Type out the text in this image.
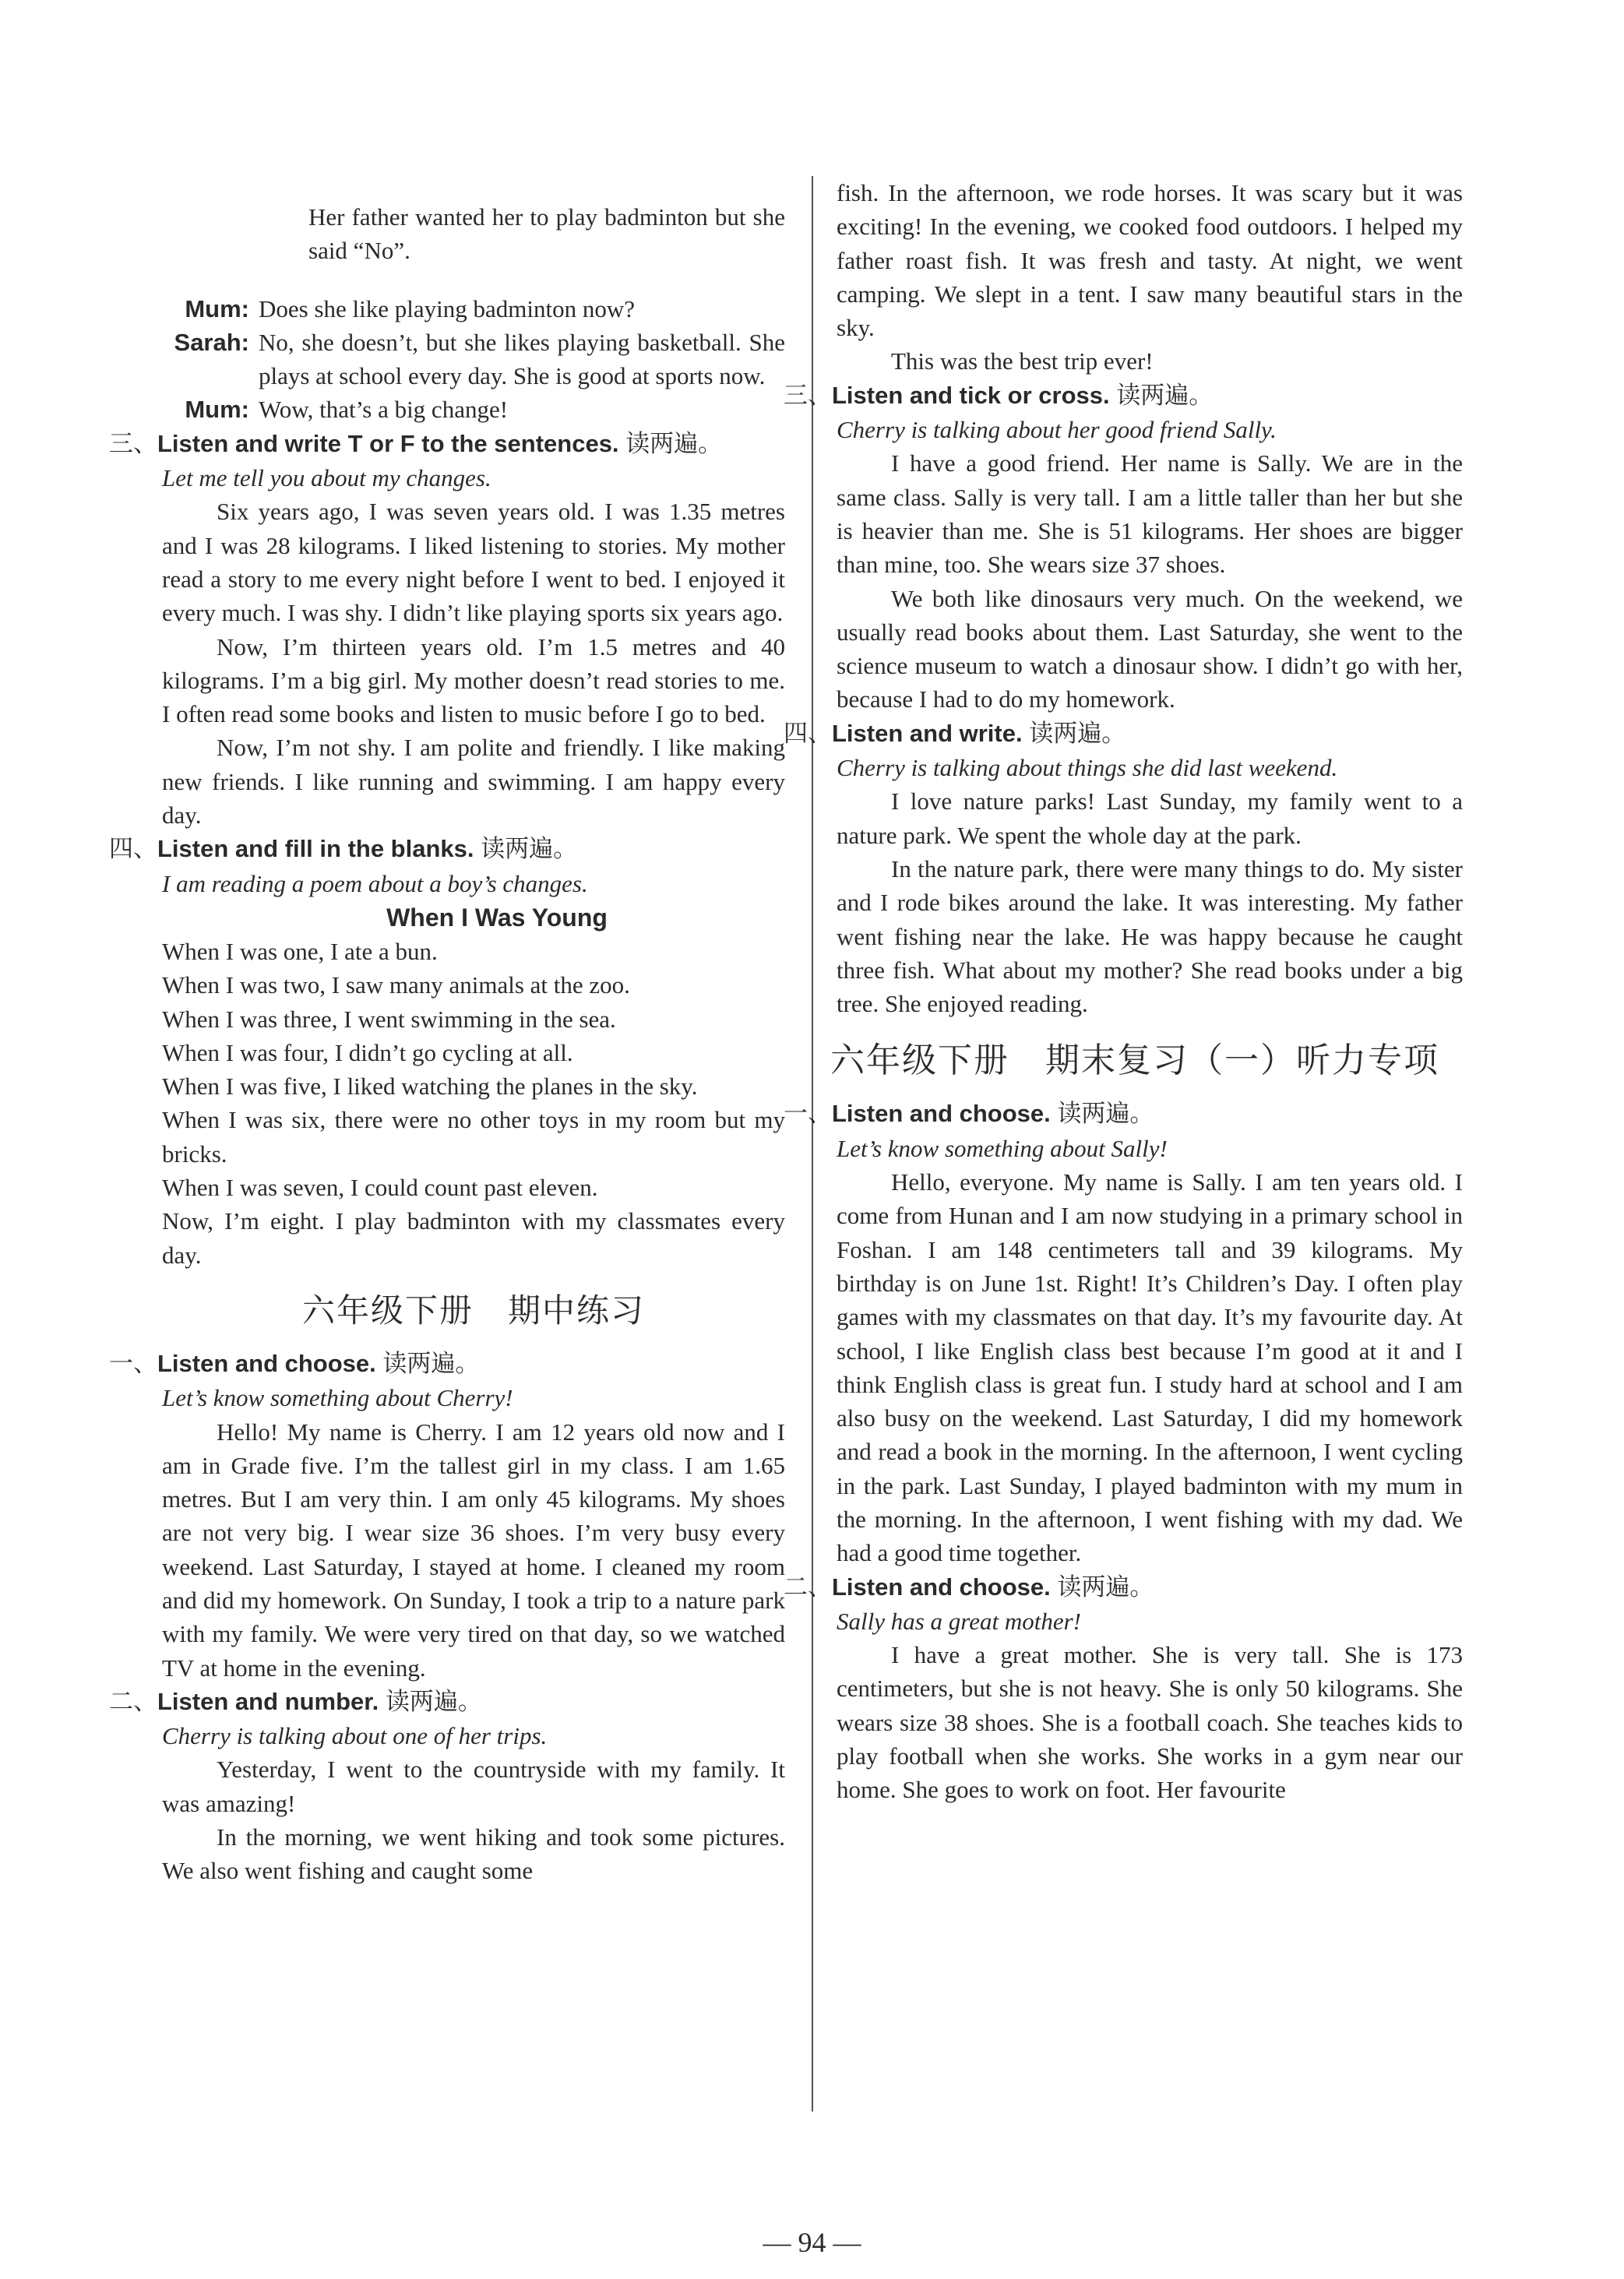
Her father wanted her to play badminton but she said “No”.

Mum: Does she like playing badminton now?
Sarah: No, she doesn’t, but she likes playing basketball. She plays at school every day. She is good at sports now.
Mum: Wow, that’s a big change!

三、Listen and write T or F to the sentences. 读两遍。

Let me tell you about my changes.

Six years ago, I was seven years old. I was 1.35 metres and I was 28 kilograms. I liked listening to stories. My mother read a story to me every night before I went to bed. I enjoyed it every much. I was shy. I didn’t like playing sports six years ago.

Now, I’m thirteen years old. I’m 1.5 metres and 40 kilograms. I’m a big girl. My mother doesn’t read stories to me. I often read some books and listen to music before I go to bed.

Now, I’m not shy. I am polite and friendly. I like making new friends. I like running and swimming. I am happy every day.

四、Listen and fill in the blanks. 读两遍。

I am reading a poem about a boy’s changes.

When I Was Young

When I was one, I ate a bun.

When I was two, I saw many animals at the zoo.

When I was three, I went swimming in the sea.

When I was four, I didn’t go cycling at all.

When I was five, I liked watching the planes in the sky.

When I was six, there were no other toys in my room but my bricks.

When I was seven, I could count past eleven.

Now, I’m eight. I play badminton with my classmates every day.

六年级下册　期中练习

一、Listen and choose. 读两遍。

Let’s know something about Cherry!

Hello! My name is Cherry. I am 12 years old now and I am in Grade five. I’m the tallest girl in my class. I am 1.65 metres. But I am very thin. I am only 45 kilograms. My shoes are not very big. I wear size 36 shoes. I’m very busy every weekend. Last Saturday, I stayed at home. I cleaned my room and did my homework. On Sunday, I took a trip to a nature park with my family. We were very tired on that day, so we watched TV at home in the evening.

二、Listen and number. 读两遍。

Cherry is talking about one of her trips.

Yesterday, I went to the countryside with my family. It was amazing!

In the morning, we went hiking and took some pictures. We also went fishing and caught some

fish. In the afternoon, we rode horses. It was scary but it was exciting! In the evening, we cooked food outdoors. I helped my father roast fish. It was fresh and tasty. At night, we went camping. We slept in a tent. I saw many beautiful stars in the sky.

This was the best trip ever!

三、Listen and tick or cross. 读两遍。

Cherry is talking about her good friend Sally.

I have a good friend. Her name is Sally. We are in the same class. Sally is very tall. I am a little taller than her but she is heavier than me. She is 51 kilograms. Her shoes are bigger than mine, too. She wears size 37 shoes.

We both like dinosaurs very much. On the weekend, we usually read books about them. Last Saturday, she went to the science museum to watch a dinosaur show. I didn’t go with her, because I had to do my homework.

四、Listen and write. 读两遍。

Cherry is talking about things she did last weekend.

I love nature parks! Last Sunday, my family went to a nature park. We spent the whole day at the park.

In the nature park, there were many things to do. My sister and I rode bikes around the lake. It was interesting. My father went fishing near the lake. He was happy because he caught three fish. What about my mother? She read books under a big tree. She enjoyed reading.

六年级下册　期末复习（一）听力专项

一、Listen and choose. 读两遍。

Let’s know something about Sally!

Hello, everyone. My name is Sally. I am ten years old. I come from Hunan and I am now studying in a primary school in Foshan. I am 148 centimeters tall and 39 kilograms. My birthday is on June 1st. Right! It’s Children’s Day. I often play games with my classmates on that day. It’s my favourite day. At school, I like English class best because I’m good at it and I think English class is great fun. I study hard at school and I am also busy on the weekend. Last Saturday, I did my homework and read a book in the morning. In the afternoon, I went cycling in the park. Last Sunday, I played badminton with my mum in the morning. In the afternoon, I went fishing with my dad. We had a good time together.

二、Listen and choose. 读两遍。

Sally has a great mother!

I have a great mother. She is very tall. She is 173 centimeters, but she is not heavy. She is only 50 kilograms. She wears size 38 shoes. She is a football coach. She teaches kids to play football when she works. She works in a gym near our home. She goes to work on foot. Her favourite

— 94 —
